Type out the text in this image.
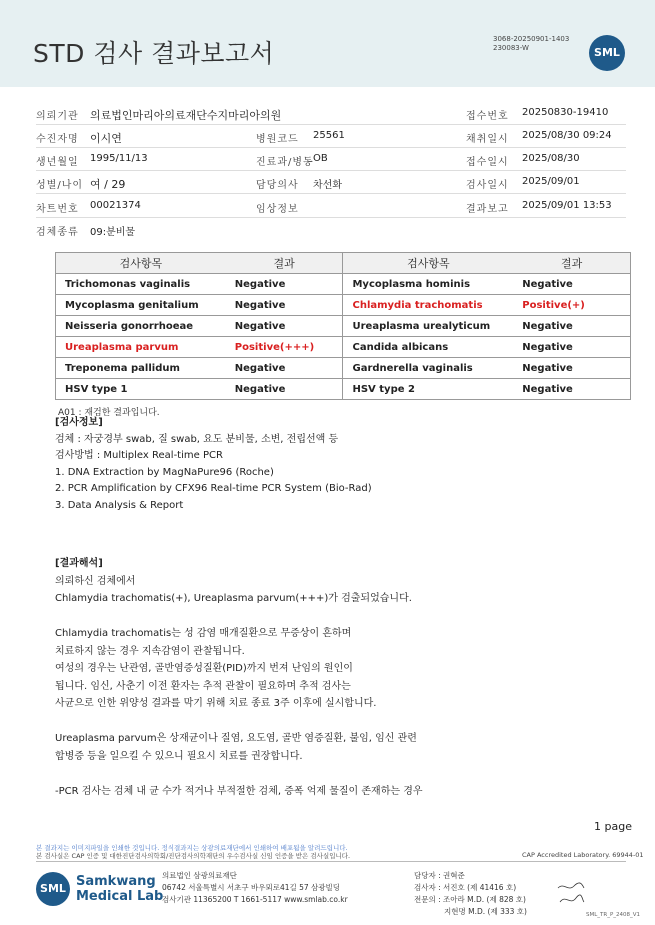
STD 검사 결과보고서	3068-20250901-1403
230083-W	SML
의뢰기관 의료법인마리아의료재단수지마리아의원	접수번호 20250830-19410
수진자명 이시연	병원코드 25561	채취일시 2025/08/30 09:24
생년월일 1995/11/13	진료과/병동 OB	접수일시 2025/08/30
성별/나이 여 / 29	담당의사 차선화	검사일시 2025/09/01
차트번호 00021374	임상정보	결과보고 2025/09/01 13:53
검체종류 09:분비물
검사항목	결과	검사항목	결과
Trichomonas vaginalis	Negative	Mycoplasma hominis	Negative
Mycoplasma genitalium	Negative	Chlamydia trachomatis	Positive(+)
Neisseria gonorrhoeae	Negative	Ureaplasma urealyticum	Negative
Ureaplasma parvum	Positive(+++)	Candida albicans	Negative
Treponema pallidum	Negative	Gardnerella vaginalis	Negative
HSV type 1	Negative	HSV type 2	Negative
A01 : 재검한 결과입니다.
[검사정보]
검체 : 자궁경부 swab, 질 swab, 요도 분비물, 소변, 전립선액 등
검사방법 : Multiplex Real-time PCR
1. DNA Extraction by MagNaPure96 (Roche)
2. PCR Amplification by CFX96 Real-time PCR System (Bio-Rad)
3. Data Analysis & Report
[결과해석]
의뢰하신 검체에서
Chlamydia trachomatis(+), Ureaplasma parvum(+++)가 검출되었습니다.
Chlamydia trachomatis는 성 감염 매개질환으로 무증상이 흔하며
치료하지 않는 경우 지속감염이 관찰됩니다.
여성의 경우는 난관염, 골반염증성질환(PID)까지 번져 난임의 원인이
됩니다. 임신, 사춘기 이전 환자는 추적 관찰이 필요하며 추적 검사는
사균으로 인한 위양성 결과를 막기 위해 치료 종료 3주 이후에 실시합니다.
Ureaplasma parvum은 상재균이나 질염, 요도염, 골반 염증질환, 불임, 임신 관련
합병증 등을 일으킬 수 있으니 필요시 치료를 권장합니다.
-PCR 검사는 검체 내 균 수가 적거나 부적절한 검체, 증폭 억제 물질이 존재하는 경우
1 page
본 결과지는 이미지파일을 인쇄한 것입니다. 정식결과지는 상광의료재단에서 인쇄하여 배포됨을 알려드립니다.
본 검사실은 CAP 인증 및 대한진단검사의학회/진단검사의학재단의 우수검사실 신임 인증을 받은 검사실입니다.	CAP Accredited Laboratory. 69944-01
SML Samkwang
Medical Lab
의료법인 삼광의료재단
06742 서울특별시 서초구 바우뫼로41길 57 삼광빌딩
검사기관 11365200 T 1661-5117 www.smlab.co.kr
담당자 : 권혁준
검사자 : 서진호 (제 41416 호)
전문의 : 조아라 M.D. (제 828 호)
지현명 M.D. (제 333 호)	SML_TR_P_2408_V1
